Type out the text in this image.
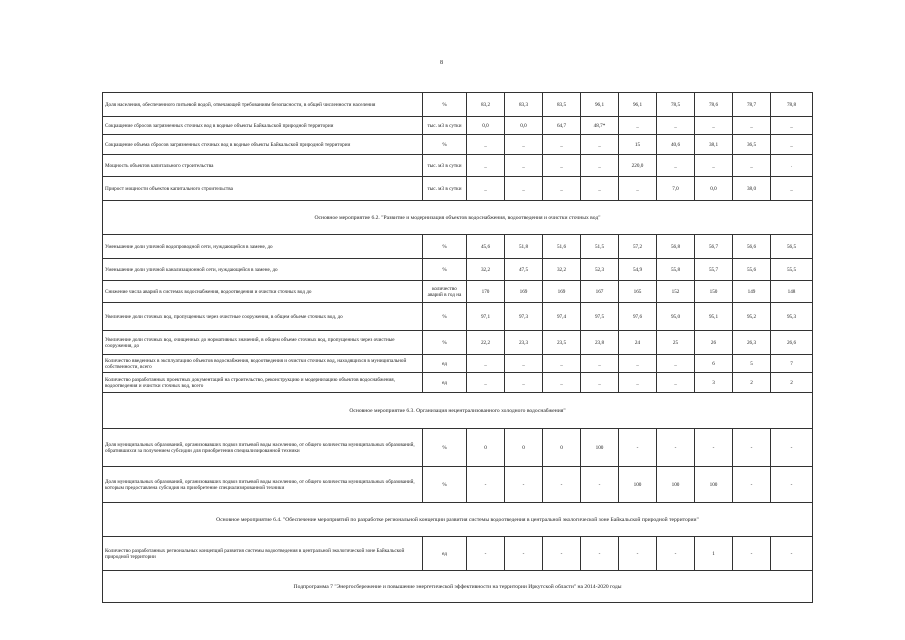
8
Доля населения, обеспеченного питьевой водой, отвечающей требованиям безопасности, в общей численности населения	%	83,2	83,3	83,5	96,1	96,1	78,5	78,6	78,7	78,8
Сокращение сбросов загрязненных сточных вод в водные объекты Байкальской природной территории	тыс. м3 в сутки	0,0	0,0	64,7	48,7*	_	_	_	_	_
Сокращение объема сбросов загрязненных сточных вод в водные объекты Байкальской природной территории	%	_	_	_	_	15	40,6	38,1	36,5	_
Мощность объектов капитального строительства	тыс. м3 в сутки	_	_	_	_	220,0	_	_	_	.
Прирост мощности объектов капитального строительства	тыс. м3 в сутки	_	_	_	_	_	7,0	0,0	38,0	_
Основное мероприятие 6.2. "Развитие и модернизация объектов водоснабжения, водоотведения и очистки сточных вод"										
Уменьшение доли уличной водопроводной сети, нуждающейся в замене, до	%	45,6	51,8	51,6	51,5	57,2	56,8	56,7	56,6	56,5
Уменьшение доли уличной канализационной сети, нуждающейся в замене, до	%	32,2	47,5	32,2	52,3	54,9	55,8	55,7	55,6	55,5
Снижение числа аварий в системах водоснабжения, водоотведения и очистки сточных вод до	количество аварий в год на	170	169	169	167	165	152	150	149	148
Увеличение доли сточных вод, пропущенных через очистные сооружения, в общем объеме сточных вод, до	%	97,1	97,3	97,4	97,5	97,6	95,0	95,1	95,2	95,3
Увеличение доли сточных вод, очищенных до нормативных значений, в общем объеме сточных вод, пропущенных через очистные сооружения, до	%	22,2	23,3	23,5	23,8	24	25	26	26,3	26,6
Количество введенных в эксплуатацию объектов водоснабжения, водоотведения и очистки сточных вод, находящихся в муниципальной собственности, всего	ед	_	_	_	_	_	_	6	5	7
Количество разработанных проектных документаций на строительство, реконструкцию и модернизацию объектов водоснабжения, водоотведения и очистки сточных вод, всего	ед	_	_	_	_	_	_	3	2	2
Основное мероприятие 6.3. Организация нецентрализованного холодного водоснабжения"										
Доля муниципальных образований, организовавших подвоз питьевой воды населению, от общего количества муниципальных образований, обратившихся за получением субсидии для приобретения специализированной техники	%	0	0	0	100	-	-	-	-	-
Доля муниципальных образований, организовавших подвоз питьевой воды населению, от общего количества муниципальных образований, которым предоставлена субсидия на приобретение специализированной техники	%	-	-	-	-	100	100	100	-	-
Основное мероприятие 6.4. "Обеспечение мероприятий по разработке региональной концепции развития системы водоотведения в центральной экологической зоне Байкальской природной территории"										
Количество разработанных региональных концепций развития системы водоотведения в центральной экологической зоне Байкальской природной территории	ед	-	-	-	-	-	-	1	-	-
Подпрограмма 7 "Энергосбережение и повышение энергетической эффективности на территории Иркутской области" на 2014-2020 годы										
